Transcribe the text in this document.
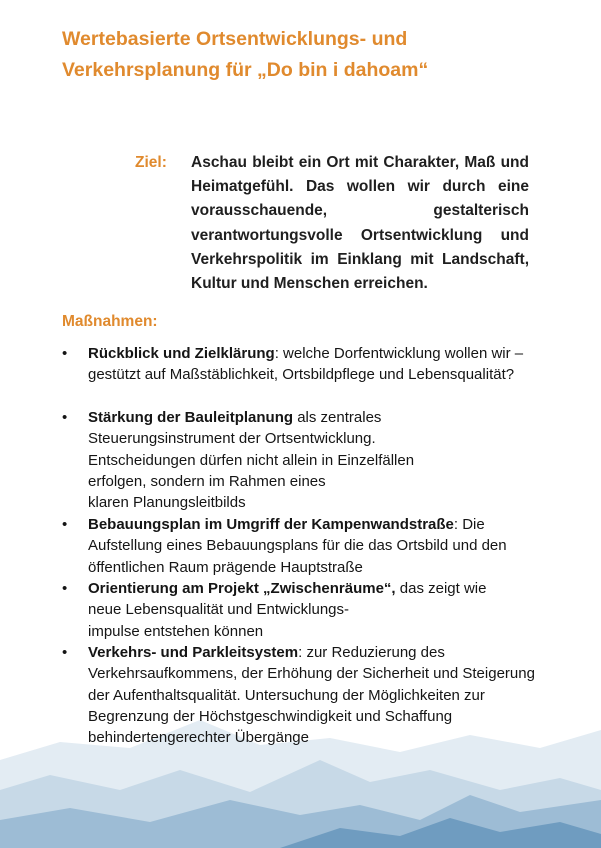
Wertebasierte Ortsentwicklungs- und
Verkehrsplanung für „Do bin i dahoam“

Ziel: Aschau bleibt ein Ort mit Charakter, Maß und Heimatgefühl. Das wollen wir durch eine vorausschauende, gestalterisch verantwortungsvolle Ortsentwicklung und Verkehrspolitik im Einklang mit Landschaft, Kultur und Menschen erreichen.

Maßnahmen:

• Rückblick und Zielklärung: welche Dorfentwicklung wollen wir – gestützt auf Maßstäblichkeit, Ortsbildpflege und Lebensqualität?
• Stärkung der Bauleitplanung als zentrales
Steuerungsinstrument der Ortsentwicklung.
Entscheidungen dürfen nicht allein in Einzelfällen
erfolgen, sondern im Rahmen eines
klaren Planungsleitbilds
• Bebauungsplan im Umgriff der Kampenwandstraße: Die Aufstellung eines Bebauungsplans für die das Ortsbild und den öffentlichen Raum prägende Hauptstraße
• Orientierung am Projekt „Zwischenräume“, das zeigt wie
neue Lebensqualität und Entwicklungs-
impulse entstehen können
• Verkehrs- und Parkleitsystem: zur Reduzierung des Verkehrsaufkommens, der Erhöhung der Sicherheit und Steigerung der Aufenthaltsqualität. Untersuchung der Möglichkeiten zur Begrenzung der Höchstgeschwindigkeit und Schaffung behindertengerechter Übergänge
